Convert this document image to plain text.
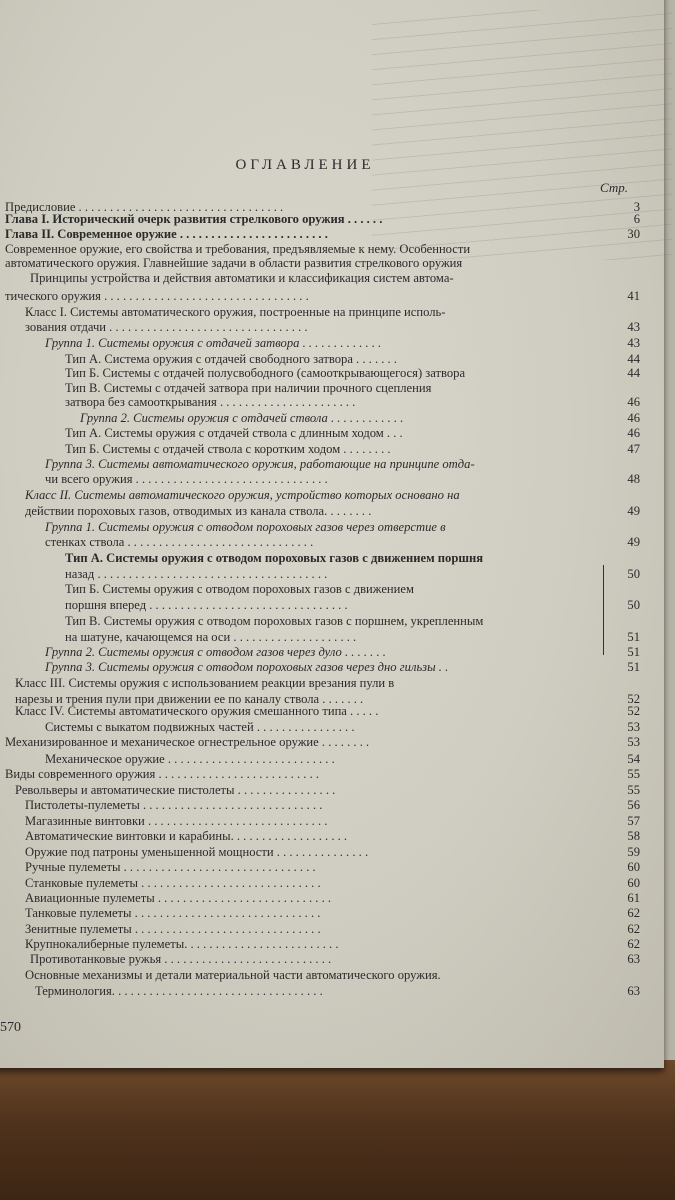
ОГЛАВЛЕНИЕ
Стр.
Предисловие . . . . . . . . . . . . . . . . . . . . . . . . . . . . . . . . .	3
Глава I. Исторический очерк развития стрелкового оружия . . . . . .	6
Глава II. Современное оружие . . . . . . . . . . . . . . . . . . . . . . . .	30
Современное оружие, его свойства и требования, предъявляемые к нему. Особенности
автоматического оружия. Главнейшие задачи в области развития стрелкового оружия
Принципы устройства и действия автоматики и классификация систем автома-
тического оружия . . . . . . . . . . . . . . . . . . . . . . . . . . . . . . . . .	41
Класс I. Системы автоматического оружия, построенные на принципе исполь-
зования отдачи . . . . . . . . . . . . . . . . . . . . . . . . . . . . . . . .	43
Группа 1. Системы оружия с отдачей затвора . . . . . . . . . . . . .	43
Тип А. Система оружия с отдачей свободного затвора . . . . . . .	44
Тип Б. Системы с отдачей полусвободного (самооткрывающегося) затвора	44
Тип В. Системы с отдачей затвора при наличии прочного сцепления
затвора без самооткрывания . . . . . . . . . . . . . . . . . . . . . .	46
Группа 2. Системы оружия с отдачей ствола . . . . . . . . . . . .	46
Тип А. Системы оружия с отдачей ствола с длинным ходом . . .	46
Тип Б. Системы с отдачей ствола с коротким ходом . . . . . . . .	47
Группа 3. Системы автоматического оружия, работающие на принципе отда-
чи всего оружия . . . . . . . . . . . . . . . . . . . . . . . . . . . . . . .	48
Класс II. Системы автоматического оружия, устройство которых основано на
действии пороховых газов, отводимых из канала ствола. . . . . . . .	49
Группа 1. Системы оружия с отводом пороховых газов через отверстие в
стенках ствола . . . . . . . . . . . . . . . . . . . . . . . . . . . . . .	49
Тип А. Системы оружия с отводом пороховых газов с движением поршня
назад . . . . . . . . . . . . . . . . . . . . . . . . . . . . . . . . . . . . .	50
Тип Б. Системы оружия с отводом пороховых газов с движением
поршня вперед . . . . . . . . . . . . . . . . . . . . . . . . . . . . . . . .	50
Тип В. Системы оружия с отводом пороховых газов с поршнем, укрепленным
на шатуне, качающемся на оси . . . . . . . . . . . . . . . . . . . .	51
Группа 2. Системы оружия с отводом газов через дуло . . . . . . .	51
Группа 3. Системы оружия с отводом пороховых газов через дно гильзы . .	51
Класс III. Системы оружия с использованием реакции врезания пули в
нарезы и трения пули при движении ее по каналу ствола . . . . . . .	52
Класс IV. Системы автоматического оружия смешанного типа . . . . .	52
Системы с выкатом подвижных частей . . . . . . . . . . . . . . . .	53
Механизированное и механическое огнестрельное оружие . . . . . . . .	53
Механическое оружие . . . . . . . . . . . . . . . . . . . . . . . . . . .	54
Виды современного оружия . . . . . . . . . . . . . . . . . . . . . . . . . .	55
Револьверы и автоматические пистолеты . . . . . . . . . . . . . . . .	55
Пистолеты-пулеметы . . . . . . . . . . . . . . . . . . . . . . . . . . . . .	56
Магазинные винтовки . . . . . . . . . . . . . . . . . . . . . . . . . . . . .	57
Автоматические винтовки и карабины. . . . . . . . . . . . . . . . . . .	58
Оружие под патроны уменьшенной мощности . . . . . . . . . . . . . . .	59
Ручные пулеметы . . . . . . . . . . . . . . . . . . . . . . . . . . . . . . .	60
Станковые пулеметы . . . . . . . . . . . . . . . . . . . . . . . . . . . . .	60
Авиационные пулеметы . . . . . . . . . . . . . . . . . . . . . . . . . . . .	61
Танковые пулеметы . . . . . . . . . . . . . . . . . . . . . . . . . . . . . .	62
Зенитные пулеметы . . . . . . . . . . . . . . . . . . . . . . . . . . . . . .	62
Крупнокалиберные пулеметы. . . . . . . . . . . . . . . . . . . . . . . . .	62
Противотанковые ружья . . . . . . . . . . . . . . . . . . . . . . . . . . .	63
Основные механизмы и детали материальной части автоматического оружия.
Терминология. . . . . . . . . . . . . . . . . . . . . . . . . . . . . . . . . .	63
570
